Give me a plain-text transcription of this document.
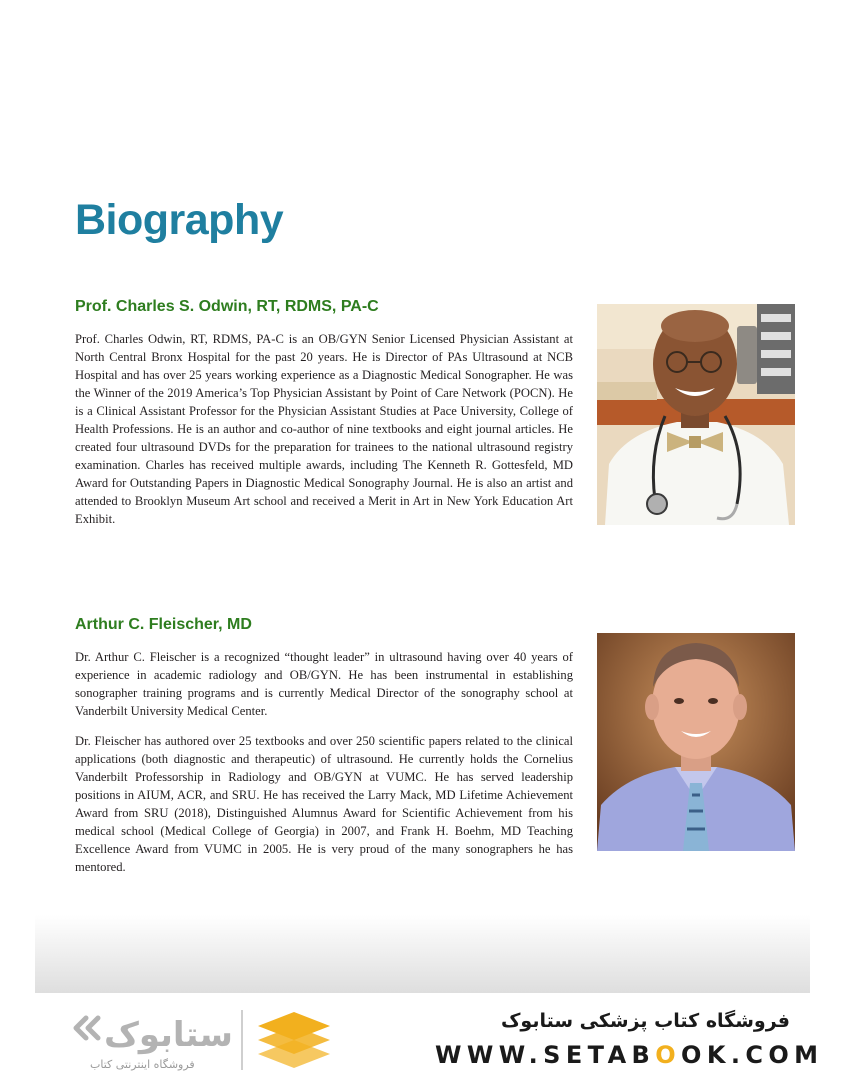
Biography
Prof. Charles S. Odwin, RT, RDMS, PA-C

Prof. Charles Odwin, RT, RDMS, PA-C is an OB/GYN Senior Licensed Physician Assistant at North Central Bronx Hospital for the past 20 years. He is Director of PAs Ultrasound at NCB Hospital and has over 25 years working experience as a Diagnostic Medical Sonographer. He was the Winner of the 2019 America’s Top Physician Assistant by Point of Care Network (POCN). He is a Clinical Assistant Professor for the Physician Assistant Studies at Pace University, College of Health Professions. He is an author and co-author of nine textbooks and eight journal articles. He created four ultrasound DVDs for the preparation for trainees to the national ultrasound registry examination. Charles has received multiple awards, including The Kenneth R. Gottesfeld, MD Award for Outstanding Papers in Diagnostic Medical Sonography Journal. He is also an artist and attended to Brooklyn Museum Art school and received a Merit in Art in New York Education Art Exhibit.

Arthur C. Fleischer, MD

Dr. Arthur C. Fleischer is a recognized “thought leader” in ultrasound having over 40 years of experience in academic radiology and OB/GYN. He has been instrumental in establishing sonographer training programs and is currently Medical Director of the sonography school at Vanderbilt University Medical Center.

Dr. Fleischer has authored over 25 textbooks and over 250 scientific papers related to the clinical applications (both diagnostic and therapeutic) of ultrasound. He currently holds the Cornelius Vanderbilt Professorship in Radiology and OB/GYN at VUMC. He has served leadership positions in AIUM, ACR, and SRU. He has received the Larry Mack, MD Lifetime Achievement Award from SRU (2018), Distinguished Alumnus Award for Scientific Achievement from his medical school (Medical College of Georgia) in 2007, and Frank H. Boehm, MD Teaching Excellence Award from VUMC in 2005. He is very proud of the many sonographers he has mentored.

ستابوک

فروشگاه اینترنتی کتاب

فروشگاه کتاب پزشکی ستابوک

WWW.SETABOOK.COM
